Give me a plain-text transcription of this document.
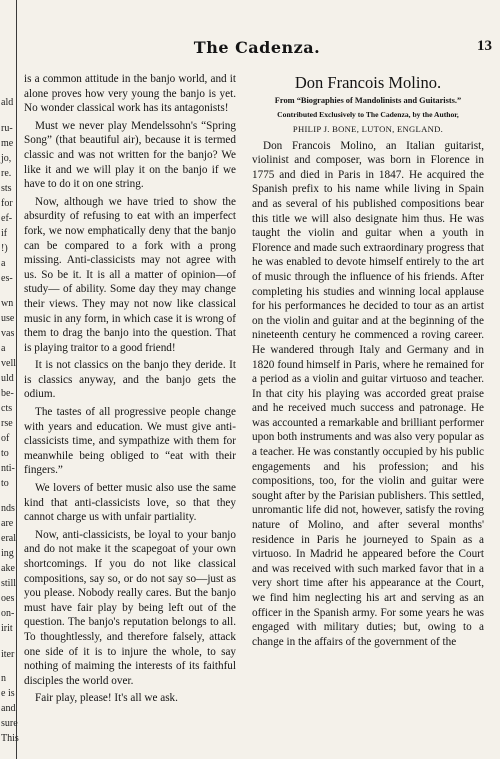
ald
ru-
me
jo,
re.
sts
for
ef-
if
!)
a
es-
wn
use
vas
a
vell
uld
be-
cts
rse
of
to
nti-
to
nds
are
eral
ing
ake
still
oes
on-
irit
iter
n
e is
and
sure
This
The Cadenza.	13

is a common attitude in the banjo world, and it alone proves how very young the banjo is yet. No wonder classical work has its antagonists!

Must we never play Mendelssohn's “Spring Song” (that beautiful air), because it is termed classic and was not written for the banjo? We like it and we will play it on the banjo if we have to do it on one string.

Now, although we have tried to show the absurdity of refusing to eat with an imperfect fork, we now emphatically deny that the banjo can be compared to a fork with a prong missing. Anti-classicists may not agree with us. So be it. It is all a matter of opinion—of study— of ability. Some day they may change their views. They may not now like classical music in any form, in which case it is wrong of them to drag the banjo into the question. That is playing traitor to a good friend!

It is not classics on the banjo they deride. It is classics anyway, and the banjo gets the odium.

The tastes of all progressive people change with years and education. We must give anti-classicists time, and sympathize with them for meanwhile being obliged to “eat with their fingers.”

We lovers of better music also use the same kind that anti-classicists love, so that they cannot charge us with unfair partiality.

Now, anti-classicists, be loyal to your banjo and do not make it the scapegoat of your own shortcomings. If you do not like classical compositions, say so, or do not say so—just as you please. Nobody really cares. But the banjo must have fair play by being left out of the question. The banjo's reputation belongs to all. To thoughtlessly, and therefore falsely, attack one side of it is to injure the whole, to say nothing of maiming the interests of its faithful disciples the world over.

Fair play, please! It's all we ask.

Don Francois Molino.

From “Biographies of Mandolinists and Guitarists.”

Contributed Exclusively to The Cadenza, by the Author,

PHILIP J. BONE, LUTON, ENGLAND.

Don Francois Molino, an Italian guitarist, violinist and composer, was born in Florence in 1775 and died in Paris in 1847. He acquired the Spanish prefix to his name while living in Spain and as several of his published compositions bear this title we will also designate him thus. He was taught the violin and guitar when a youth in Florence and made such extraordinary progress that he was enabled to devote himself entirely to the art of music through the influence of his friends. After completing his studies and winning local applause for his performances he decided to tour as an artist on the violin and guitar and at the beginning of the nineteenth century he commenced a roving career. He wandered through Italy and Germany and in 1820 found himself in Paris, where he remained for a period as a violin and guitar virtuoso and teacher. In that city his playing was accorded great praise and he received much success and patronage. He was accounted a remarkable and brilliant performer upon both instruments and was also very popular as a teacher. He was constantly occupied by his public engagements and his profession; and his compositions, too, for the violin and guitar were sought after by the Parisian publishers. This settled, unromantic life did not, however, satisfy the roving nature of Molino, and after several months' residence in Paris he journeyed to Spain as a virtuoso. In Madrid he appeared before the Court and was received with such marked favor that in a very short time after his appearance at the Court, we find him neglecting his art and serving as an officer in the Spanish army. For some years he was engaged with military duties; but, owing to a change in the affairs of the government of the
